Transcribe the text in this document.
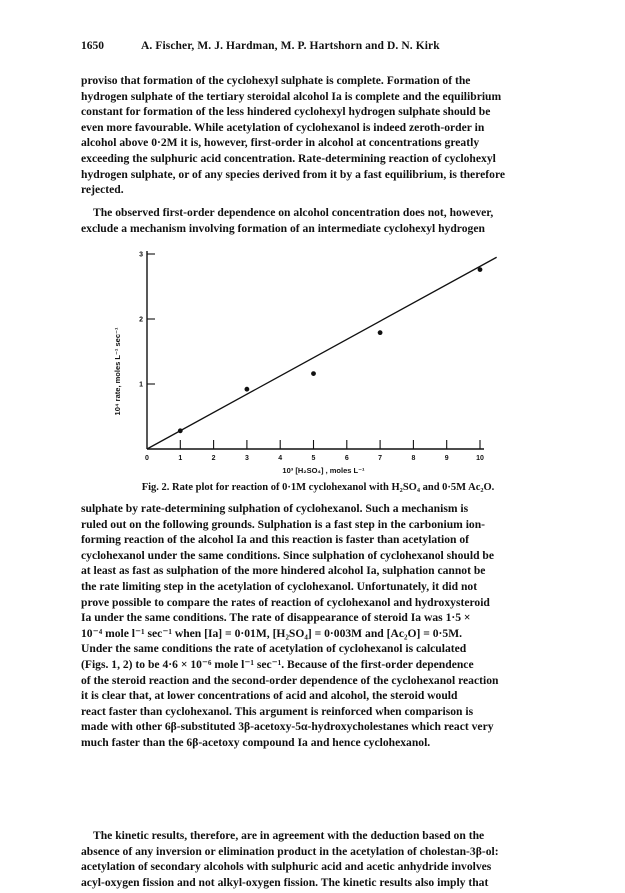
1650	A. Fischer, M. J. Hardman, M. P. Hartshorn and D. N. Kirk
proviso that formation of the cyclohexyl sulphate is complete. Formation of the
hydrogen sulphate of the tertiary steroidal alcohol Ia is complete and the equilibrium
constant for formation of the less hindered cyclohexyl hydrogen sulphate should be
even more favourable. While acetylation of cyclohexanol is indeed zeroth-order in
alcohol above 0·2M it is, however, first-order in alcohol at concentrations greatly
exceeding the sulphuric acid concentration. Rate-determining reaction of cyclohexyl
hydrogen sulphate, or of any species derived from it by a fast equilibrium, is therefore
rejected.
The observed first-order dependence on alcohol concentration does not, however,
exclude a mechanism involving formation of an intermediate cyclohexyl hydrogen
0	1	2	3	4	5	6	7	8	9	10
1
2
3
10³ [H₂SO₄] , moles L⁻¹
10⁴ rate, moles L⁻¹ sec⁻¹
Fig. 2. Rate plot for reaction of 0·1M cyclohexanol with H₂SO₄ and 0·5M Ac₂O.
sulphate by rate-determining sulphation of cyclohexanol. Such a mechanism is
ruled out on the following grounds. Sulphation is a fast step in the carbonium ion-
forming reaction of the alcohol Ia and this reaction is faster than acetylation of
cyclohexanol under the same conditions. Since sulphation of cyclohexanol should be
at least as fast as sulphation of the more hindered alcohol Ia, sulphation cannot be
the rate limiting step in the acetylation of cyclohexanol. Unfortunately, it did not
prove possible to compare the rates of reaction of cyclohexanol and hydroxysteroid
Ia under the same conditions. The rate of disappearance of steroid Ia was 1·5 ×
10⁻⁴ mole l⁻¹ sec⁻¹ when [Ia] = 0·01M, [H₂SO₄] = 0·003M and [Ac₂O] = 0·5M.
Under the same conditions the rate of acetylation of cyclohexanol is calculated
(Figs. 1, 2) to be 4·6 × 10⁻⁶ mole l⁻¹ sec⁻¹. Because of the first-order dependence
of the steroid reaction and the second-order dependence of the cyclohexanol reaction
it is clear that, at lower concentrations of acid and alcohol, the steroid would
react faster than cyclohexanol. This argument is reinforced when comparison is
made with other 6β-substituted 3β-acetoxy-5α-hydroxycholestanes which react very
much faster than the 6β-acetoxy compound Ia and hence cyclohexanol.
The kinetic results, therefore, are in agreement with the deduction based on the
absence of any inversion or elimination product in the acetylation of cholestan-3β-ol:
acetylation of secondary alcohols with sulphuric acid and acetic anhydride involves
acyl-oxygen fission and not alkyl-oxygen fission. The kinetic results also imply that
